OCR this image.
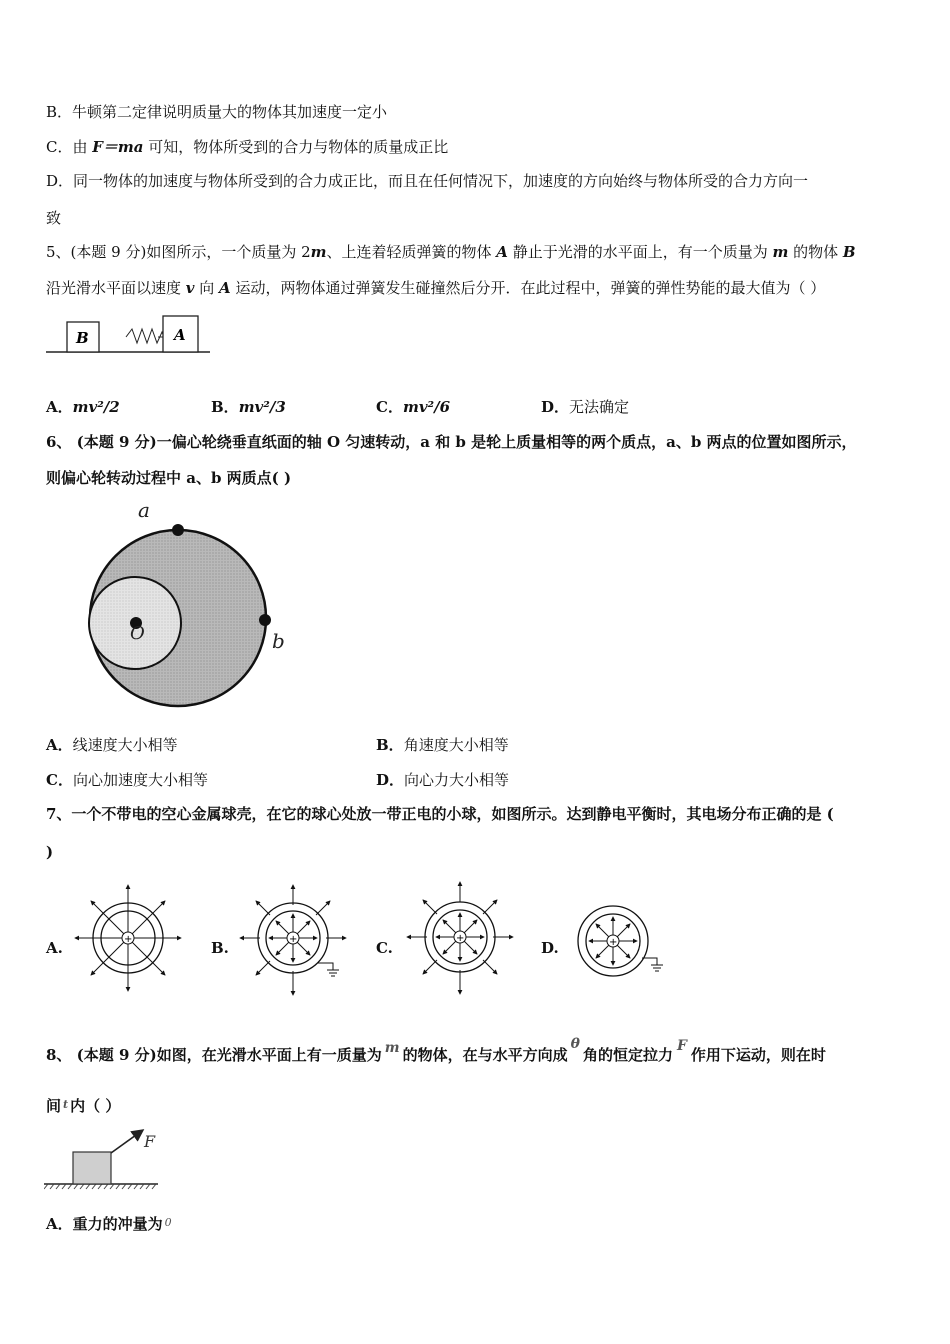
B．牛顿第二定律说明质量大的物体其加速度一定小
C．由 F＝ma 可知，物体所受到的合力与物体的质量成正比
D．同一物体的加速度与物体所受到的合力成正比，而且在任何情况下，加速度的方向始终与物体所受的合力方向一
致
5、(本题 9 分)如图所示，一个质量为 2m、上连着轻质弹簧的物体 A 静止于光滑的水平面上，有一个质量为 m 的物体 B
沿光滑水平面以速度 v 向 A 运动，两物体通过弹簧发生碰撞然后分开．在此过程中，弹簧的弹性势能的最大值为（ ）
B	A
A．mv²/2	B．mv²/3	C．mv²/6	D．无法确定
6、 (本题 9 分)一偏心轮绕垂直纸面的轴 O 匀速转动，a 和 b 是轮上质量相等的两个质点，a、b 两点的位置如图所示，
则偏心轮转动过程中 a、b 两质点( )
O
a
b
A．线速度大小相等	B．角速度大小相等
C．向心加速度大小相等	D．向心力大小相等
7、一个不带电的空心金属球壳，在它的球心处放一带正电的小球，如图所示。达到静电平衡时，其电场分布正确的是 (
)
A.	+	B.	+	C.
+
D.	+
8、 (本题 9 分)如图，在光滑水平面上有一质量为 m 的物体，在与水平方向成θ角的恒定拉力 F 作用下运动，则在时
间 $^t$ 内（ ）
F
A．重力的冲量为 $^0$
